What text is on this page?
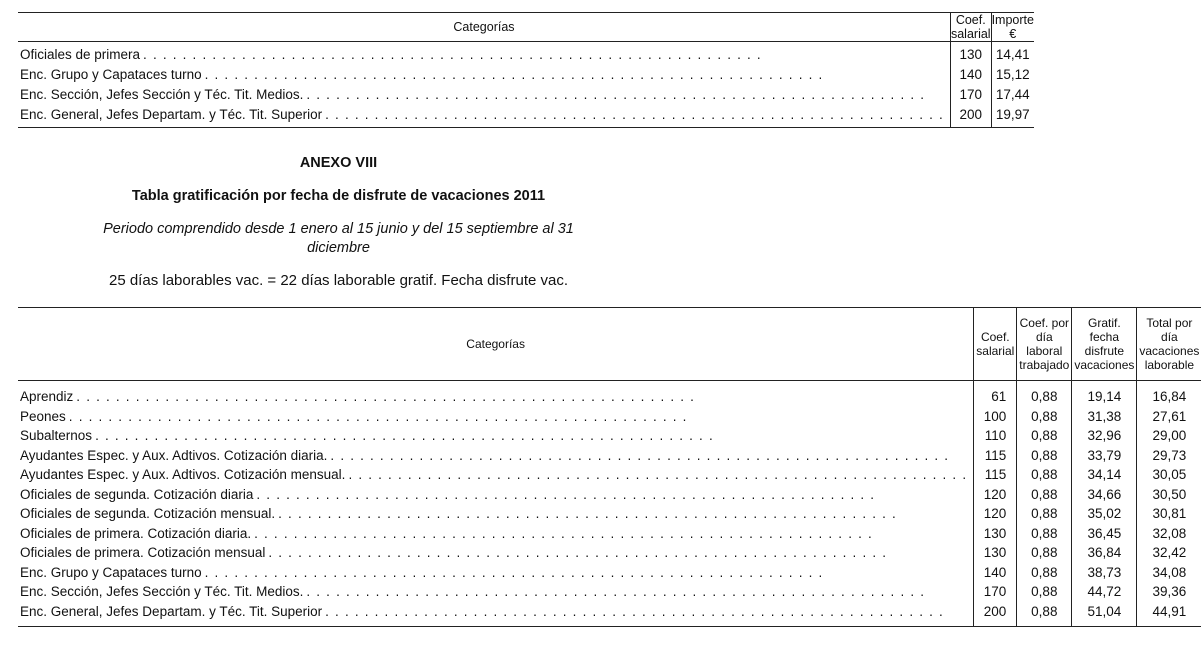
Categorías	Coef. salarial	Importe €

Oficiales de primera . . . . . . . . . . . . . . . . . . . . . . . . . . . . . . . . . . . . . . . . . . . . . . . . . . . . . . . . . . . . . . .	130	14,41

Enc. Grupo y Capataces turno . . . . . . . . . . . . . . . . . . . . . . . . . . . . . . . . . . . . . . . . . . . . . . . . . . . . . . . . . . . . . . .	140	15,12

Enc. Sección, Jefes Sección y Téc. Tit. Medios. . . . . . . . . . . . . . . . . . . . . . . . . . . . . . . . . . . . . . . . . . . . . . . . . . . . . . . . . . . . . . . .	170	17,44

Enc. General, Jefes Departam. y Téc. Tit. Superior . . . . . . . . . . . . . . . . . . . . . . . . . . . . . . . . . . . . . . . . . . . . . . . . . . . . . . . . . . . . . . .	200	19,97
ANEXO VIII
Tabla gratificación por fecha de disfrute de vacaciones 2011
Periodo comprendido desde 1 enero al 15 junio y del 15 septiembre al 31 diciembre
25 días laborables vac. = 22 días laborable gratif. Fecha disfrute vac.
Categorías	Coef. salarial	Coef. por día laboral trabajado	Gratif. fecha disfrute vacaciones	Total por día vacaciones laborable

Aprendiz . . . . . . . . . . . . . . . . . . . . . . . . . . . . . . . . . . . . . . . . . . . . . . . . . . . . . . . . . . . . . . .	61	0,88	19,14	16,84

Peones . . . . . . . . . . . . . . . . . . . . . . . . . . . . . . . . . . . . . . . . . . . . . . . . . . . . . . . . . . . . . . .	100	0,88	31,38	27,61

Subalternos . . . . . . . . . . . . . . . . . . . . . . . . . . . . . . . . . . . . . . . . . . . . . . . . . . . . . . . . . . . . . . .	110	0,88	32,96	29,00

Ayudantes Espec. y Aux. Adtivos. Cotización diaria. . . . . . . . . . . . . . . . . . . . . . . . . . . . . . . . . . . . . . . . . . . . . . . . . . . . . . . . . . . . . . . .	115	0,88	33,79	29,73

Ayudantes Espec. y Aux. Adtivos. Cotización mensual. . . . . . . . . . . . . . . . . . . . . . . . . . . . . . . . . . . . . . . . . . . . . . . . . . . . . . . . . . . . . . . .	115	0,88	34,14	30,05

Oficiales de segunda. Cotización diaria . . . . . . . . . . . . . . . . . . . . . . . . . . . . . . . . . . . . . . . . . . . . . . . . . . . . . . . . . . . . . . .	120	0,88	34,66	30,50

Oficiales de segunda. Cotización mensual. . . . . . . . . . . . . . . . . . . . . . . . . . . . . . . . . . . . . . . . . . . . . . . . . . . . . . . . . . . . . . . .	120	0,88	35,02	30,81

Oficiales de primera. Cotización diaria. . . . . . . . . . . . . . . . . . . . . . . . . . . . . . . . . . . . . . . . . . . . . . . . . . . . . . . . . . . . . . . .	130	0,88	36,45	32,08

Oficiales de primera. Cotización mensual . . . . . . . . . . . . . . . . . . . . . . . . . . . . . . . . . . . . . . . . . . . . . . . . . . . . . . . . . . . . . . .	130	0,88	36,84	32,42

Enc. Grupo y Capataces turno . . . . . . . . . . . . . . . . . . . . . . . . . . . . . . . . . . . . . . . . . . . . . . . . . . . . . . . . . . . . . . .	140	0,88	38,73	34,08

Enc. Sección, Jefes Sección y Téc. Tit. Medios. . . . . . . . . . . . . . . . . . . . . . . . . . . . . . . . . . . . . . . . . . . . . . . . . . . . . . . . . . . . . . . .	170	0,88	44,72	39,36

Enc. General, Jefes Departam. y Téc. Tit. Superior . . . . . . . . . . . . . . . . . . . . . . . . . . . . . . . . . . . . . . . . . . . . . . . . . . . . . . . . . . . . . . .	200	0,88	51,04	44,91
